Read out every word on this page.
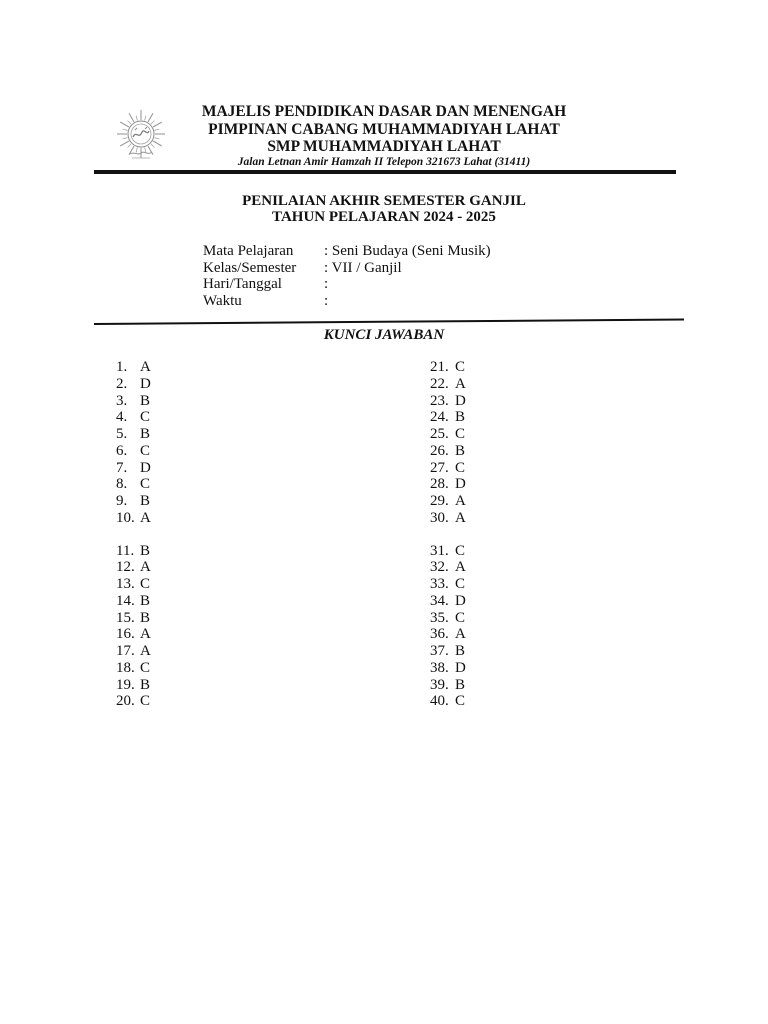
MAJELIS PENDIDIKAN DASAR DAN MENENGAH
PIMPINAN CABANG MUHAMMADIYAH LAHAT
SMP MUHAMMADIYAH LAHAT
Jalan Letnan Amir Hamzah II Telepon 321673 Lahat (31411)
PENILAIAN AKHIR SEMESTER GANJIL
TAHUN PELAJARAN 2024 - 2025
Mata Pelajaran	: Seni Budaya (Seni Musik)
Kelas/Semester	: VII / Ganjil
Hari/Tanggal	:
Waktu	:
KUNCI JAWABAN
1. A
2. D
3. B
4. C
5. B
6. C
7. D
8. C
9. B
10. A
11. B
12. A
13. C
14. B
15. B
16. A
17. A
18. C
19. B
20. C
21. C
22. A
23. D
24. B
25. C
26. B
27. C
28. D
29. A
30. A
31. C
32. A
33. C
34. D
35. C
36. A
37. B
38. D
39. B
40. C
